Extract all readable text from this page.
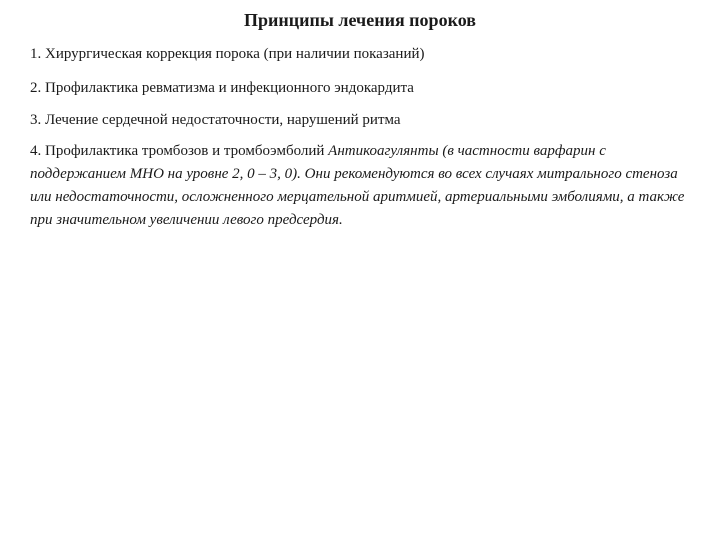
Принципы лечения пороков
1. Хирургическая коррекция порока (при наличии показаний)
2. Профилактика ревматизма и инфекционного эндокардита
3. Лечение сердечной недостаточности, нарушений ритма
4. Профилактика тромбозов и тромбоэмболий Антикоагулянты (в частности варфарин с поддержанием МНО на уровне 2, 0 – 3, 0). Они рекомендуются во всех случаях митрального стеноза или недостаточности, осложненного мерцательной аритмией, артериальными эмболиями, а также при значительном увеличении левого предсердия.
